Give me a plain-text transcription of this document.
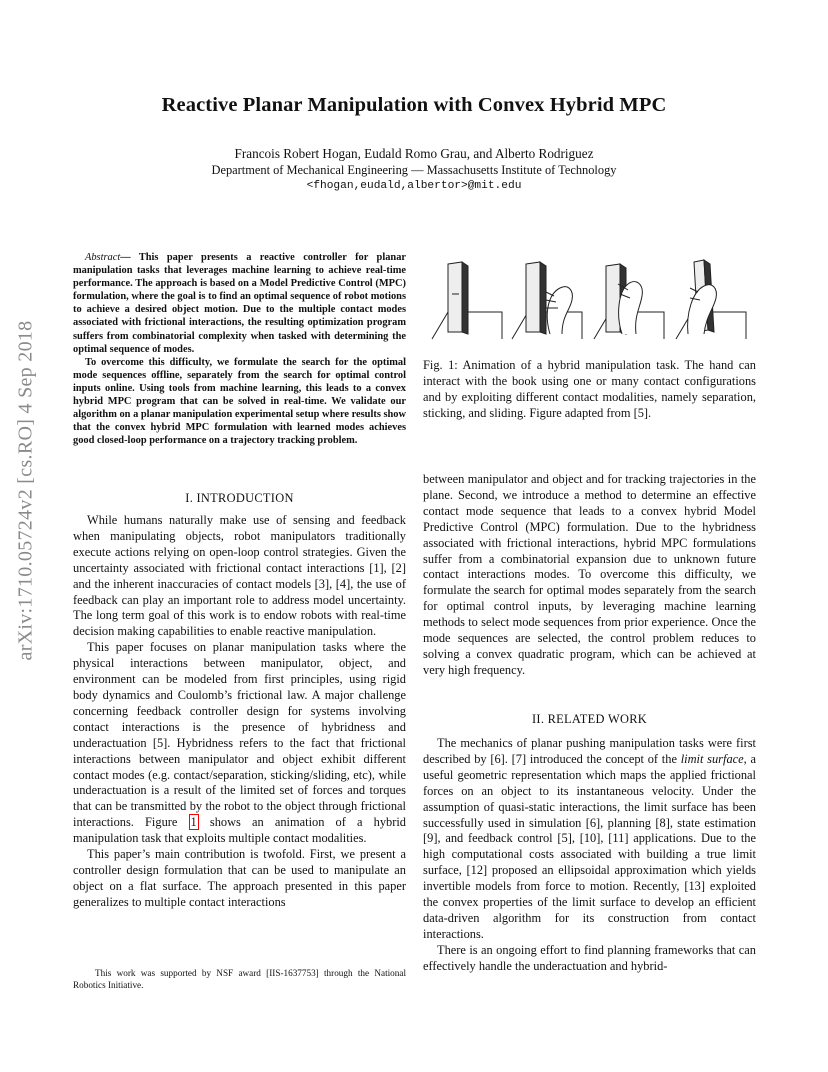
Reactive Planar Manipulation with Convex Hybrid MPC
Francois Robert Hogan, Eudald Romo Grau, and Alberto Rodriguez
Department of Mechanical Engineering — Massachusetts Institute of Technology
<fhogan,eudald,albertor>@mit.edu
arXiv:1710.05724v2 [cs.RO] 4 Sep 2018

Abstract— This paper presents a reactive controller for planar manipulation tasks that leverages machine learning to achieve real-time performance. The approach is based on a Model Predictive Control (MPC) formulation, where the goal is to find an optimal sequence of robot motions to achieve a desired object motion. Due to the multiple contact modes associated with frictional interactions, the resulting optimization program suffers from combinatorial complexity when tasked with determining the optimal sequence of modes.

To overcome this difficulty, we formulate the search for the optimal mode sequences offline, separately from the search for optimal control inputs online. Using tools from machine learning, this leads to a convex hybrid MPC program that can be solved in real-time. We validate our algorithm on a planar manipulation experimental setup where results show that the convex hybrid MPC formulation with learned modes achieves good closed-loop performance on a trajectory tracking problem.

I. INTRODUCTION

While humans naturally make use of sensing and feedback when manipulating objects, robot manipulators traditionally execute actions relying on open-loop control strategies. Given the uncertainty associated with frictional contact interactions [1], [2] and the inherent inaccuracies of contact models [3], [4], the use of feedback can play an important role to address model uncertainty. The long term goal of this work is to endow robots with real-time decision making capabilities to enable reactive manipulation.

This paper focuses on planar manipulation tasks where the physical interactions between manipulator, object, and environment can be modeled from first principles, using rigid body dynamics and Coulomb’s frictional law. A major challenge concerning feedback controller design for systems involving contact interactions is the presence of hybridness and underactuation [5]. Hybridness refers to the fact that frictional interactions between manipulator and object exhibit different contact modes (e.g. contact/separation, sticking/sliding, etc), while underactuation is a result of the limited set of forces and torques that can be transmitted by the robot to the object through frictional interactions. Figure 1 shows an animation of a hybrid manipulation task that exploits multiple contact modalities.

This paper’s main contribution is twofold. First, we present a controller design formulation that can be used to manipulate an object on a flat surface. The approach presented in this paper generalizes to multiple contact interactions

This work was supported by NSF award [IIS-1637753] through the National Robotics Initiative.
Fig. 1: Animation of a hybrid manipulation task. The hand can interact with the book using one or many contact configurations and by exploiting different contact modalities, namely separation, sticking, and sliding. Figure adapted from [5].

between manipulator and object and for tracking trajectories in the plane. Second, we introduce a method to determine an effective contact mode sequence that leads to a convex hybrid Model Predictive Control (MPC) formulation. Due to the hybridness associated with frictional interactions, hybrid MPC formulations suffer from a combinatorial expansion due to unknown future contact interactions modes. To overcome this difficulty, we formulate the search for optimal modes separately from the search for optimal control inputs, by leveraging machine learning methods to select mode sequences from prior experience. Once the mode sequences are selected, the control problem reduces to solving a convex quadratic program, which can be achieved at very high frequency.

II. RELATED WORK

The mechanics of planar pushing manipulation tasks were first described by [6]. [7] introduced the concept of the limit surface, a useful geometric representation which maps the applied frictional forces on an object to its instantaneous velocity. Under the assumption of quasi-static interactions, the limit surface has been successfully used in simulation [6], planning [8], state estimation [9], and feedback control [5], [10], [11] applications. Due to the high computational costs associated with building a true limit surface, [12] proposed an ellipsoidal approximation which yields invertible models from force to motion. Recently, [13] exploited the convex properties of the limit surface to develop an efficient data-driven algorithm for its construction from contact interactions.

There is an ongoing effort to find planning frameworks that can effectively handle the underactuation and hybrid-
